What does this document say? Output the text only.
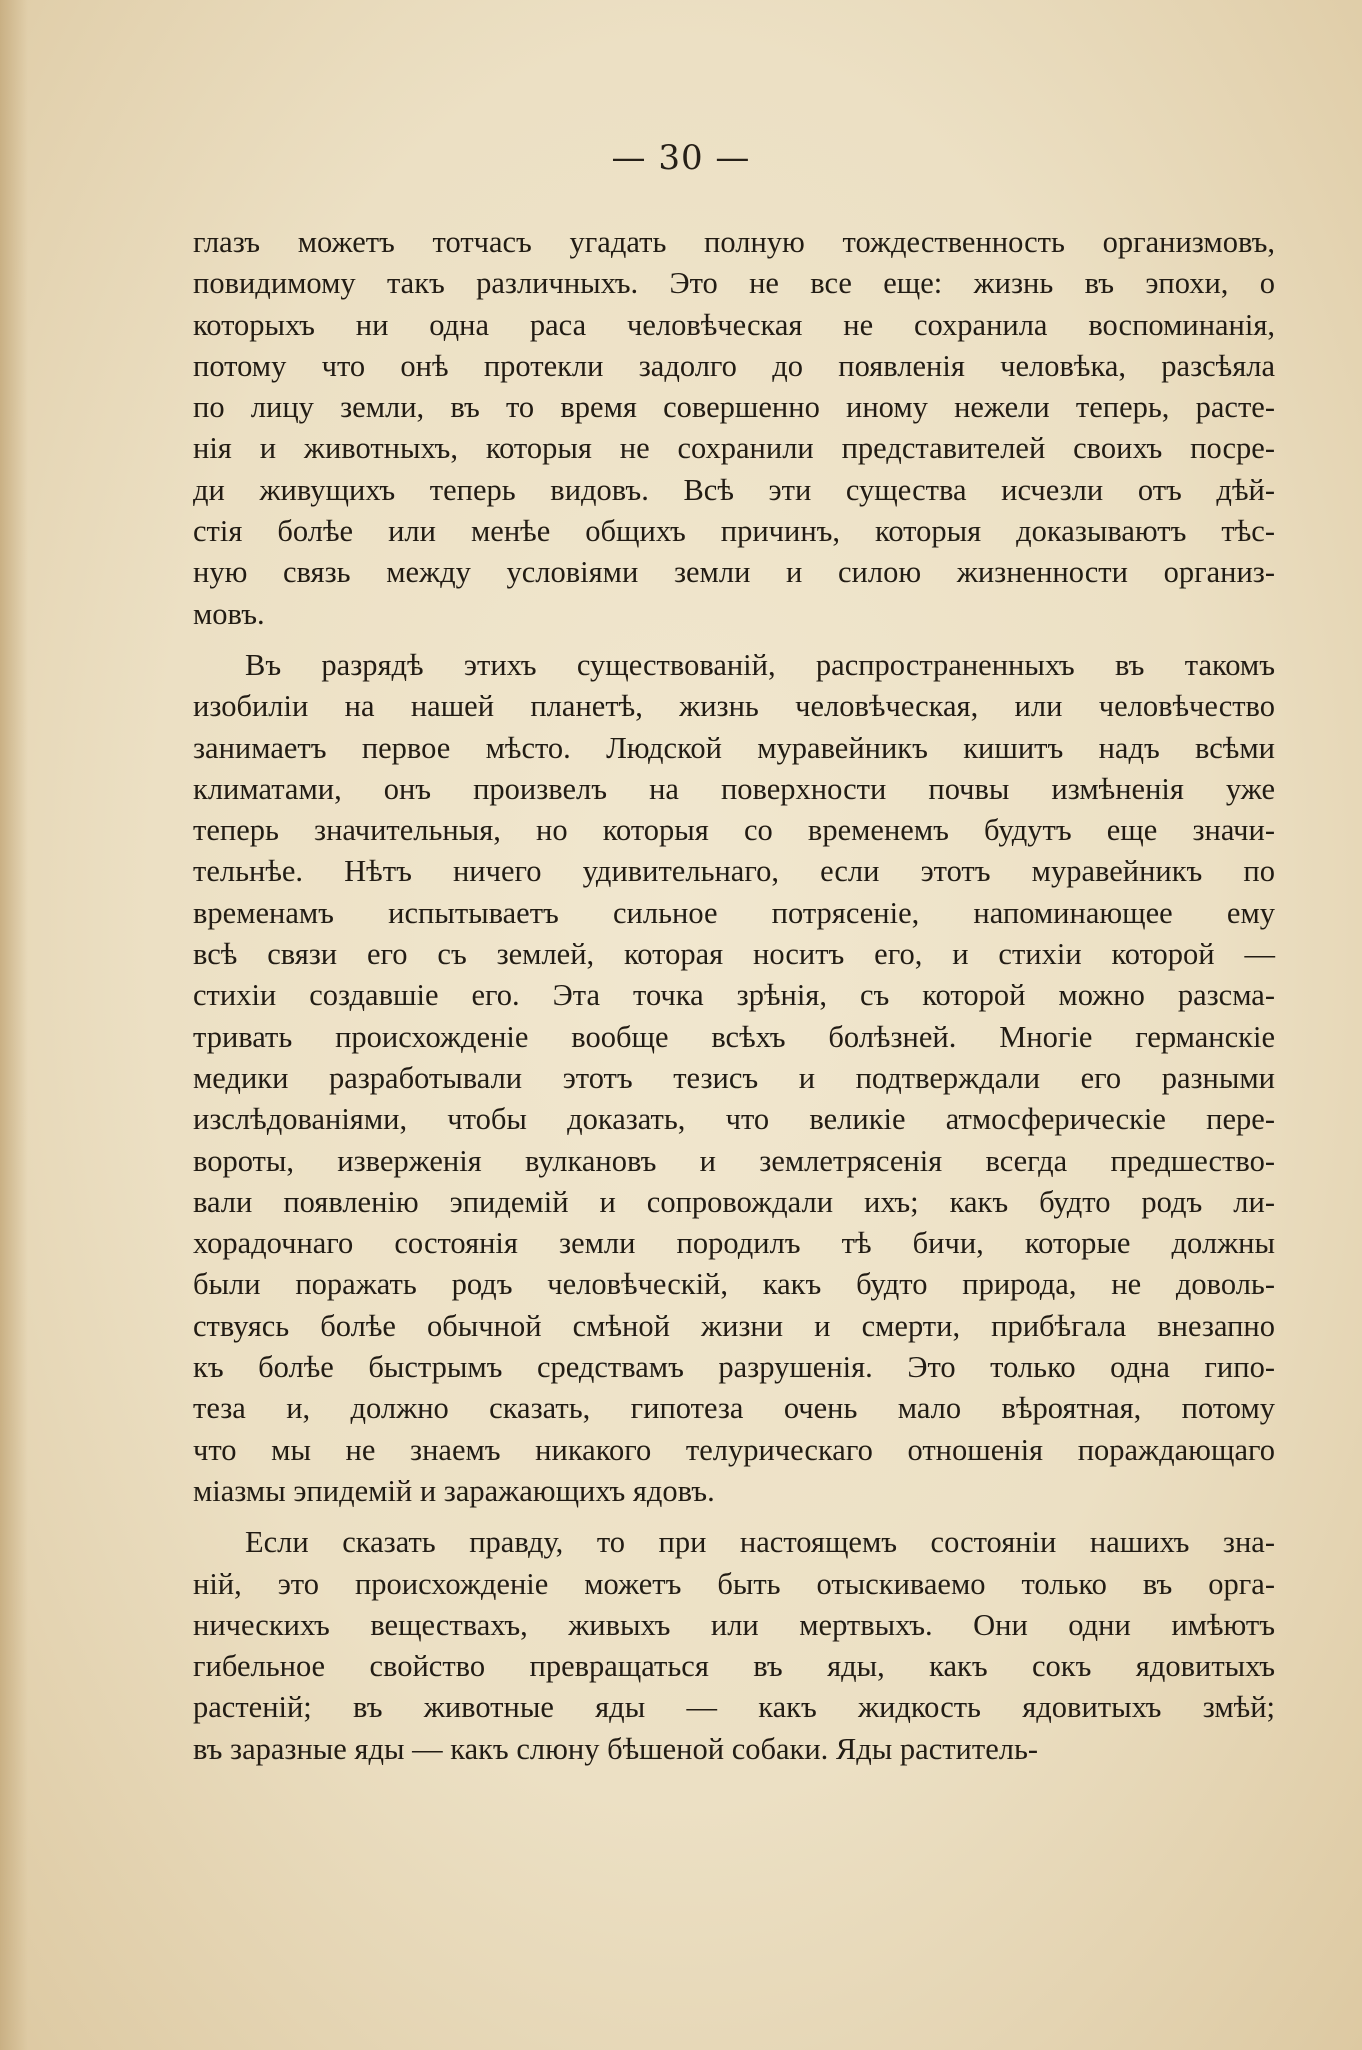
— 30 —
глазъ можетъ тотчасъ угадать полную тождественность организмовъ,
повидимому такъ различныхъ. Это не все еще: жизнь въ эпохи, о
которыхъ ни одна раса человѣческая не сохранила воспоминанія,
потому что онѣ протекли задолго до появленія человѣка, разсѣяла
по лицу земли, въ то время совершенно иному нежели теперь, расте-
нія и животныхъ, которыя не сохранили представителей своихъ посре-
ди живущихъ теперь видовъ. Всѣ эти существа исчезли отъ дѣй-
стія болѣе или менѣе общихъ причинъ, которыя доказываютъ тѣс-
ную связь между условіями земли и силою жизненности организ-
мовъ.
Въ разрядѣ этихъ существованій, распространенныхъ въ такомъ
изобиліи на нашей планетѣ, жизнь человѣческая, или человѣчество
занимаетъ первое мѣсто. Людской муравейникъ кишитъ надъ всѣми
климатами, онъ произвелъ на поверхности почвы измѣненія уже
теперь значительныя, но которыя со временемъ будутъ еще значи-
тельнѣе. Нѣтъ ничего удивительнаго, если этотъ муравейникъ по
временамъ испытываетъ сильное потрясеніе, напоминающее ему
всѣ связи его съ землей, которая носитъ его, и стихіи которой —
стихіи создавшіе его. Эта точка зрѣнія, съ которой можно разсма-
тривать происхожденіе вообще всѣхъ болѣзней. Многіе германскіе
медики разработывали этотъ тезисъ и подтверждали его разными
изслѣдованіями, чтобы доказать, что великіе атмосферическіе пере-
вороты, изверженія вулкановъ и землетрясенія всегда предшество-
вали появленію эпидемій и сопровождали ихъ; какъ будто родъ ли-
хорадочнаго состоянія земли породилъ тѣ бичи, которые должны
были поражать родъ человѣческій, какъ будто природа, не доволь-
ствуясь болѣе обычной смѣной жизни и смерти, прибѣгала внезапно
къ болѣе быстрымъ средствамъ разрушенія. Это только одна гипо-
теза и, должно сказать, гипотеза очень мало вѣроятная, потому
что мы не знаемъ никакого телурическаго отношенія пораждающаго
міазмы эпидемій и заражающихъ ядовъ.
Если сказать правду, то при настоящемъ состояніи нашихъ зна-
ній, это происхожденіе можетъ быть отыскиваемо только въ орга-
ническихъ веществахъ, живыхъ или мертвыхъ. Они одни имѣютъ
гибельное свойство превращаться въ яды, какъ сокъ ядовитыхъ
растеній; въ животные яды — какъ жидкость ядовитыхъ змѣй;
въ заразные яды — какъ слюну бѣшеной собаки. Яды раститель-
